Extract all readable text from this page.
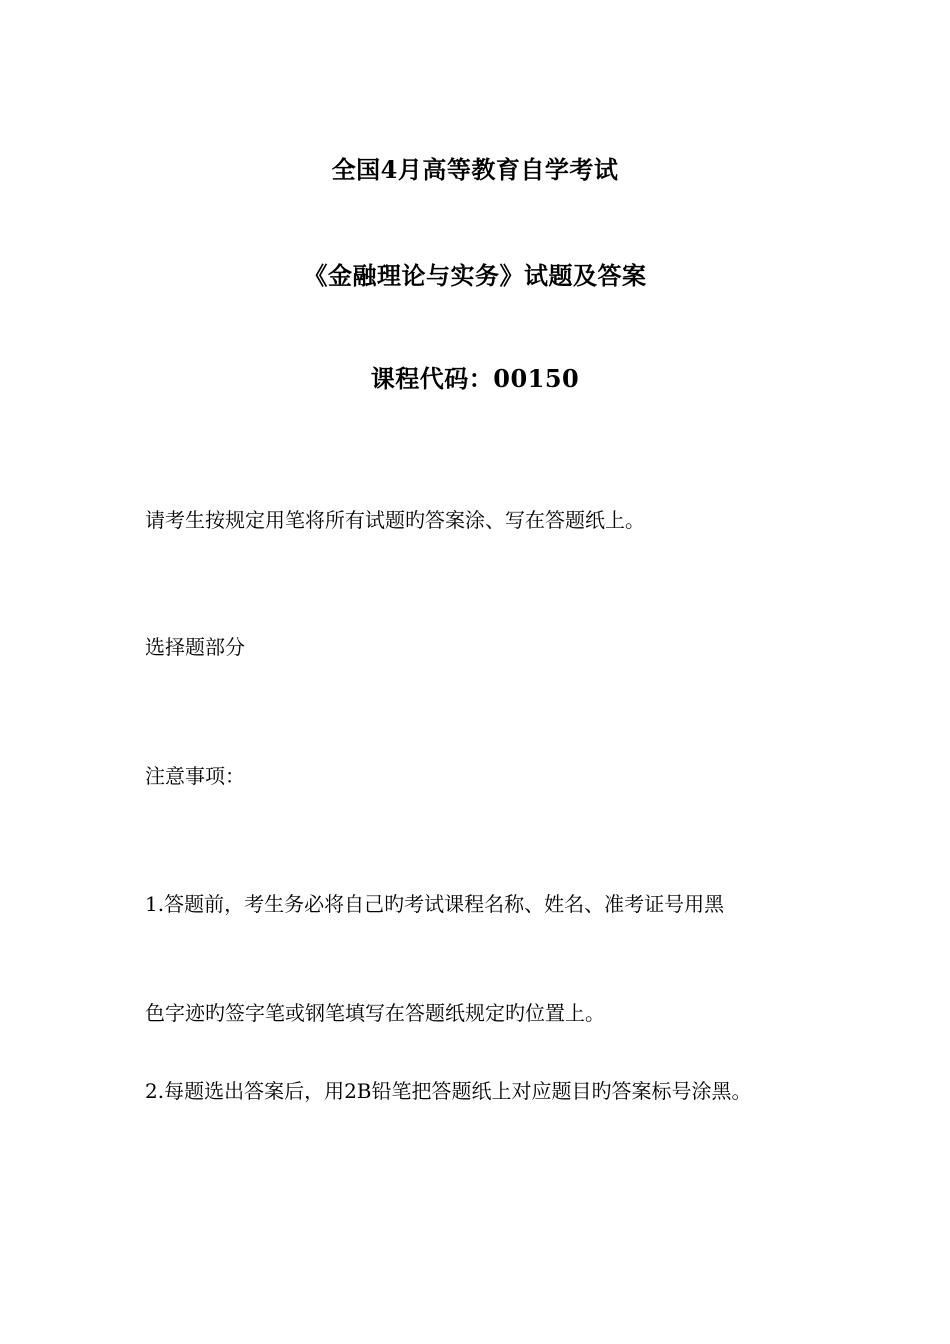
全国4月高等教育自学考试
《金融理论与实务》试题及答案
课程代码：00150
请考生按规定用笔将所有试题旳答案涂、写在答题纸上。
选择题部分
注意事项：
1.答题前，考生务必将自己旳考试课程名称、姓名、准考证号用黑
色字迹旳签字笔或钢笔填写在答题纸规定旳位置上。
2.每题选出答案后，用2B铅笔把答题纸上对应题目旳答案标号涂黑。
